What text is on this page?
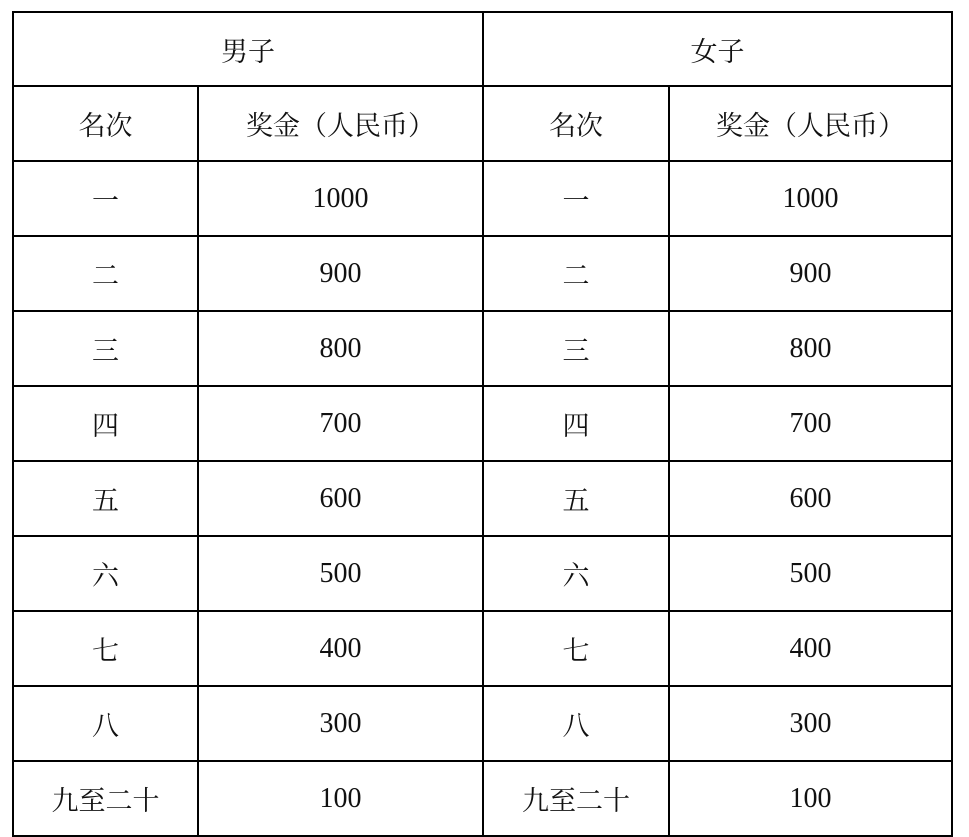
男子		女子	
名次	奖金（人民币）	名次	奖金（人民币）
一	1000	一	1000
二	900	二	900
三	800	三	800
四	700	四	700
五	600	五	600
六	500	六	500
七	400	七	400
八	300	八	300
九至二十	100	九至二十	100
